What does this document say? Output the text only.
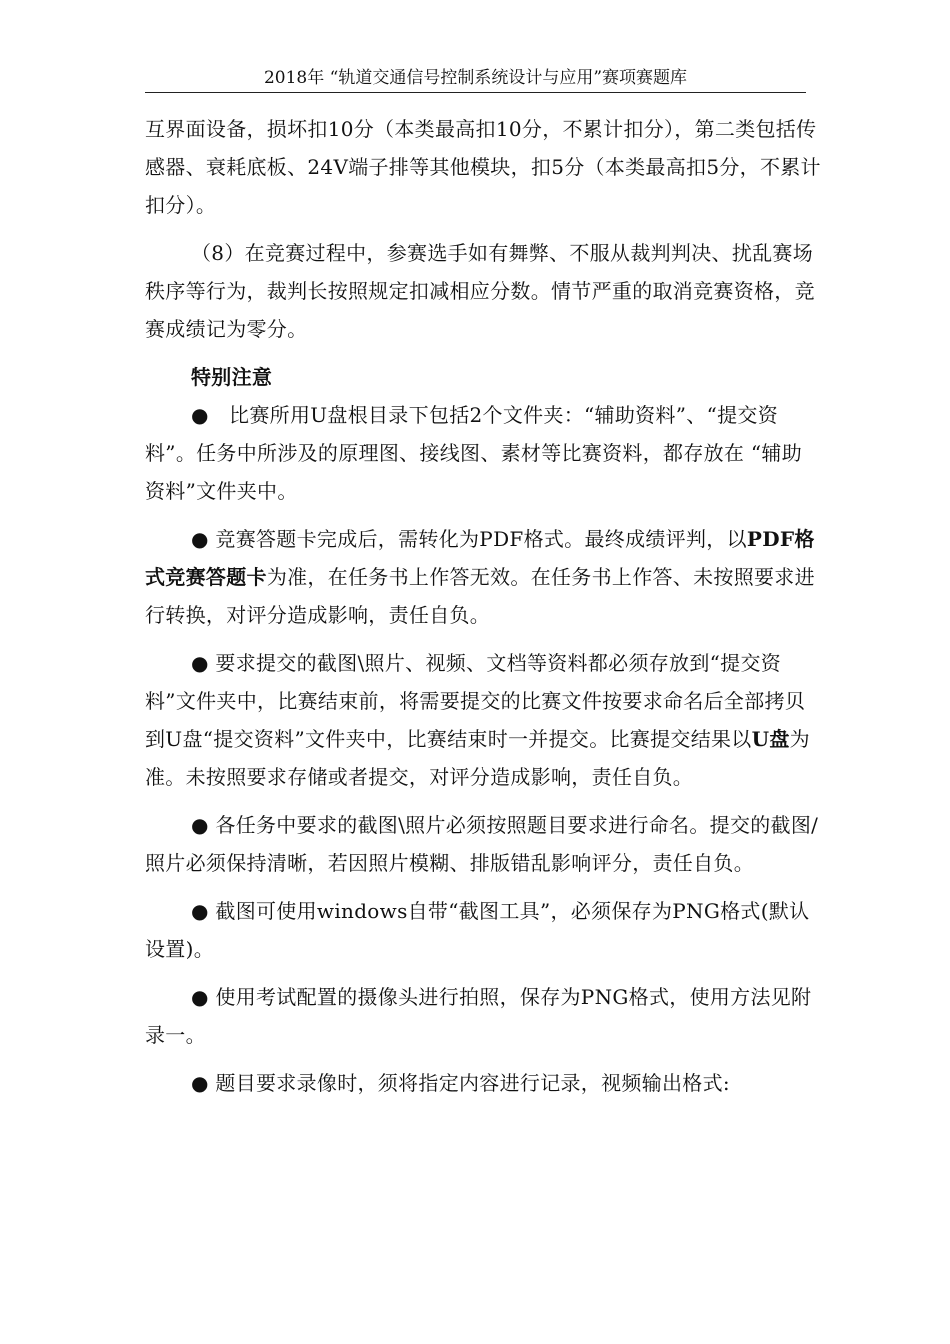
2018年 “轨道交通信号控制系统设计与应用”赛项赛题库

互界面设备，损坏扣10分（本类最高扣10分，不累计扣分），第二类包括传感器、衰耗底板、24V端子排等其他模块，扣5分（本类最高扣5分，不累计扣分）。

（8）在竞赛过程中，参赛选手如有舞弊、不服从裁判判决、扰乱赛场秩序等行为，裁判长按照规定扣减相应分数。情节严重的取消竞赛资格，竞赛成绩记为零分。

特别注意

●　比赛所用U盘根目录下包括2个文件夹：“辅助资料”、“提交资料”。任务中所涉及的原理图、接线图、素材等比赛资料，都存放在 “辅助资料”文件夹中。

● 竞赛答题卡完成后，需转化为PDF格式。最终成绩评判，以PDF格式竞赛答题卡为准，在任务书上作答无效。在任务书上作答、未按照要求进行转换，对评分造成影响，责任自负。

● 要求提交的截图\照片、视频、文档等资料都必须存放到“提交资料”文件夹中，比赛结束前，将需要提交的比赛文件按要求命名后全部拷贝到U盘“提交资料”文件夹中，比赛结束时一并提交。比赛提交结果以U盘为准。未按照要求存储或者提交，对评分造成影响，责任自负。

● 各任务中要求的截图\照片必须按照题目要求进行命名。提交的截图/照片必须保持清晰，若因照片模糊、排版错乱影响评分，责任自负。

● 截图可使用windows自带“截图工具”，必须保存为PNG格式(默认设置)。

● 使用考试配置的摄像头进行拍照，保存为PNG格式，使用方法见附录一。

● 题目要求录像时，须将指定内容进行记录，视频输出格式:
